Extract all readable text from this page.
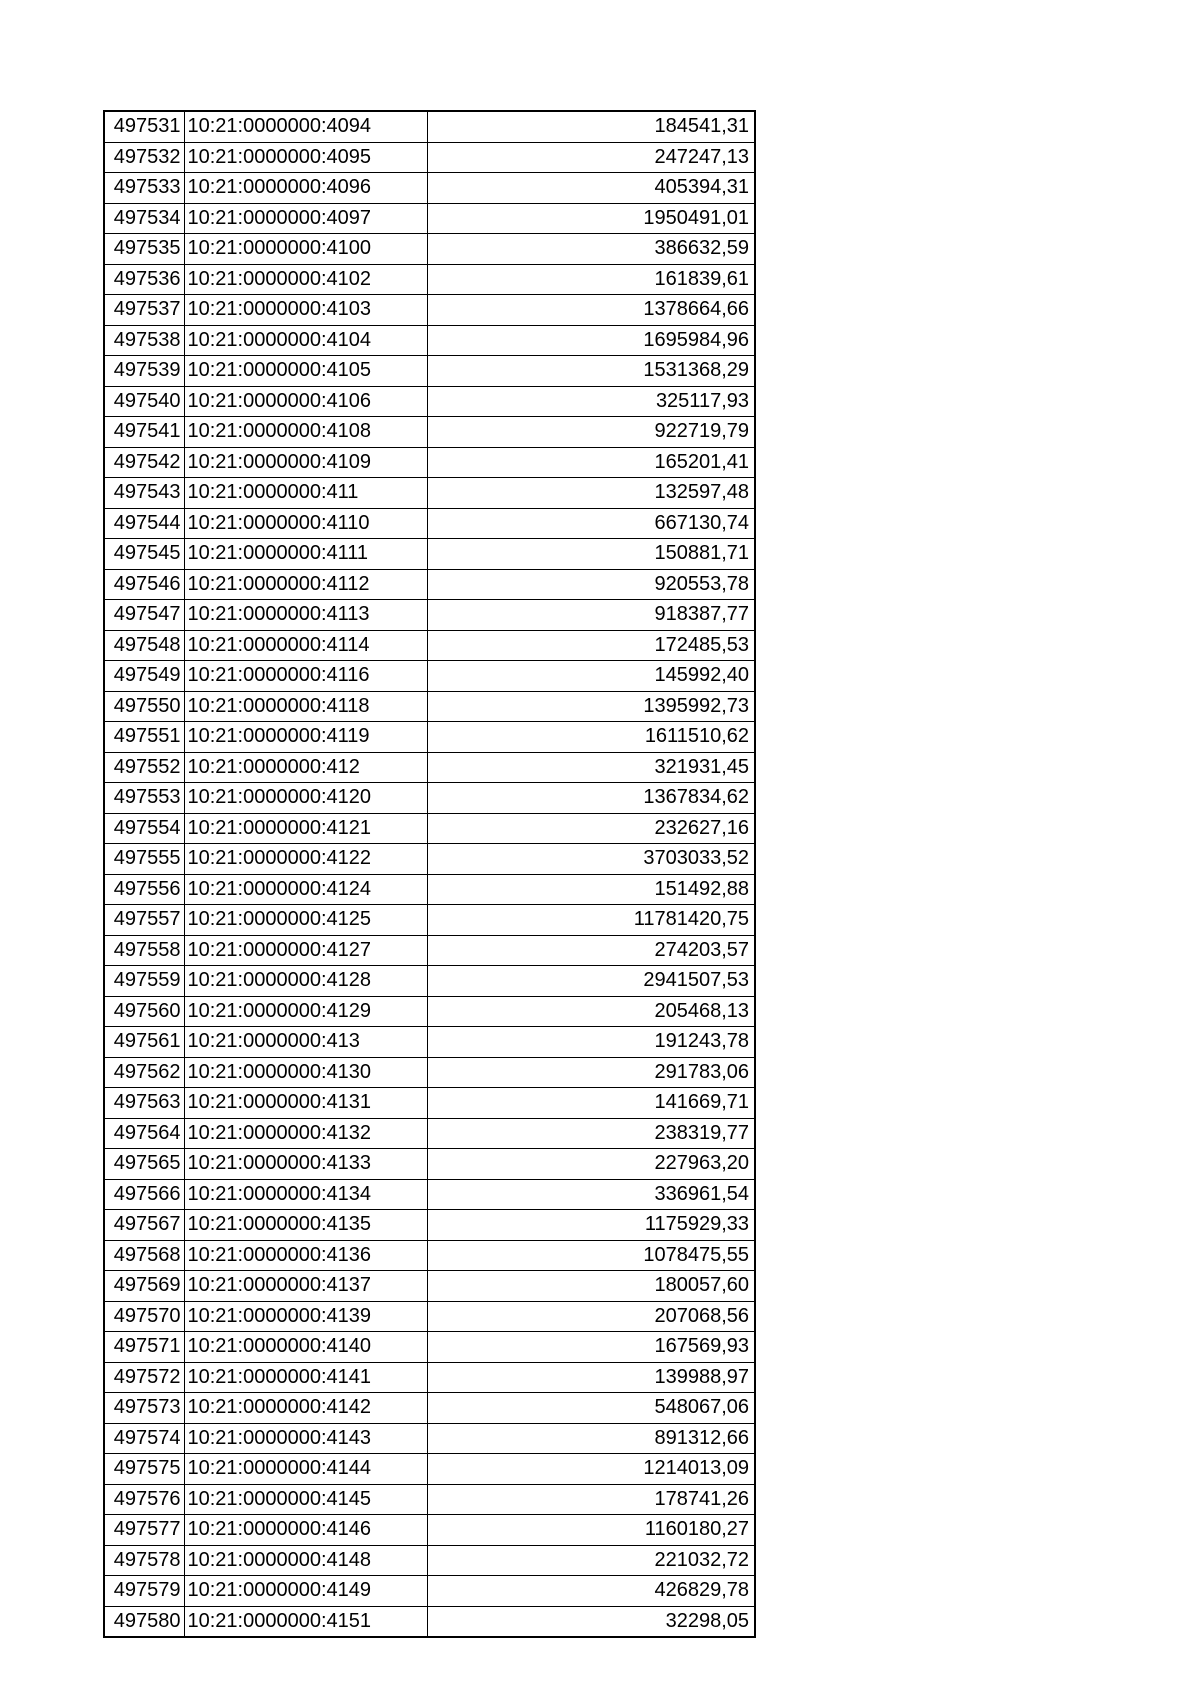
497531	10:21:0000000:4094	184541,31
497532	10:21:0000000:4095	247247,13
497533	10:21:0000000:4096	405394,31
497534	10:21:0000000:4097	1950491,01
497535	10:21:0000000:4100	386632,59
497536	10:21:0000000:4102	161839,61
497537	10:21:0000000:4103	1378664,66
497538	10:21:0000000:4104	1695984,96
497539	10:21:0000000:4105	1531368,29
497540	10:21:0000000:4106	325117,93
497541	10:21:0000000:4108	922719,79
497542	10:21:0000000:4109	165201,41
497543	10:21:0000000:411	132597,48
497544	10:21:0000000:4110	667130,74
497545	10:21:0000000:4111	150881,71
497546	10:21:0000000:4112	920553,78
497547	10:21:0000000:4113	918387,77
497548	10:21:0000000:4114	172485,53
497549	10:21:0000000:4116	145992,40
497550	10:21:0000000:4118	1395992,73
497551	10:21:0000000:4119	1611510,62
497552	10:21:0000000:412	321931,45
497553	10:21:0000000:4120	1367834,62
497554	10:21:0000000:4121	232627,16
497555	10:21:0000000:4122	3703033,52
497556	10:21:0000000:4124	151492,88
497557	10:21:0000000:4125	11781420,75
497558	10:21:0000000:4127	274203,57
497559	10:21:0000000:4128	2941507,53
497560	10:21:0000000:4129	205468,13
497561	10:21:0000000:413	191243,78
497562	10:21:0000000:4130	291783,06
497563	10:21:0000000:4131	141669,71
497564	10:21:0000000:4132	238319,77
497565	10:21:0000000:4133	227963,20
497566	10:21:0000000:4134	336961,54
497567	10:21:0000000:4135	1175929,33
497568	10:21:0000000:4136	1078475,55
497569	10:21:0000000:4137	180057,60
497570	10:21:0000000:4139	207068,56
497571	10:21:0000000:4140	167569,93
497572	10:21:0000000:4141	139988,97
497573	10:21:0000000:4142	548067,06
497574	10:21:0000000:4143	891312,66
497575	10:21:0000000:4144	1214013,09
497576	10:21:0000000:4145	178741,26
497577	10:21:0000000:4146	1160180,27
497578	10:21:0000000:4148	221032,72
497579	10:21:0000000:4149	426829,78
497580	10:21:0000000:4151	32298,05
